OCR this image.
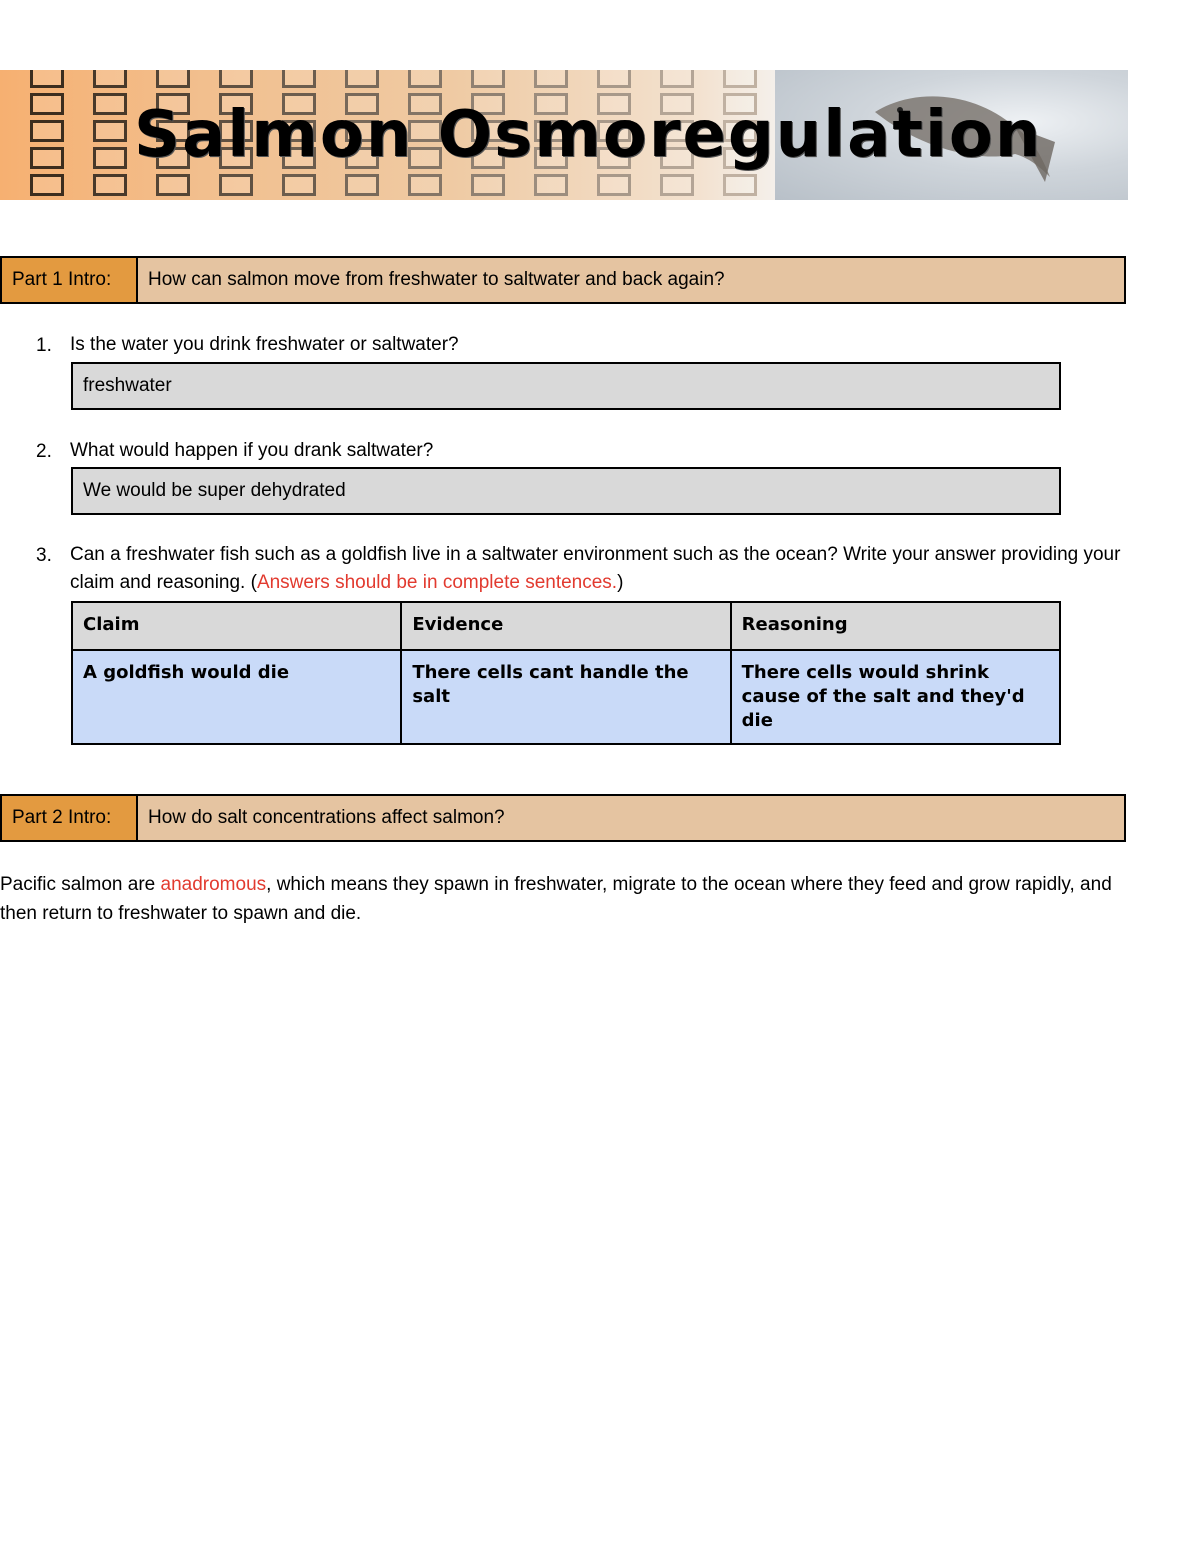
Salmon Osmoregulation
Part 1 Intro:	How can salmon move from freshwater to saltwater and back again?
1. Is the water you drink freshwater or saltwater?
freshwater
2. What would happen if you drank saltwater?
We would be super dehydrated
3. Can a freshwater fish such as a goldfish live in a saltwater environment such as the ocean? Write your answer providing your claim and reasoning. (Answers should be in complete sentences.)
Claim	Evidence	Reasoning
A goldfish would die	There cells cant handle the salt	There cells would shrink cause of the salt and they'd die
Part 2 Intro:	How do salt concentrations affect salmon?
Pacific salmon are anadromous, which means they spawn in freshwater, migrate to the ocean where they feed and grow rapidly, and then return to freshwater to spawn and die.
